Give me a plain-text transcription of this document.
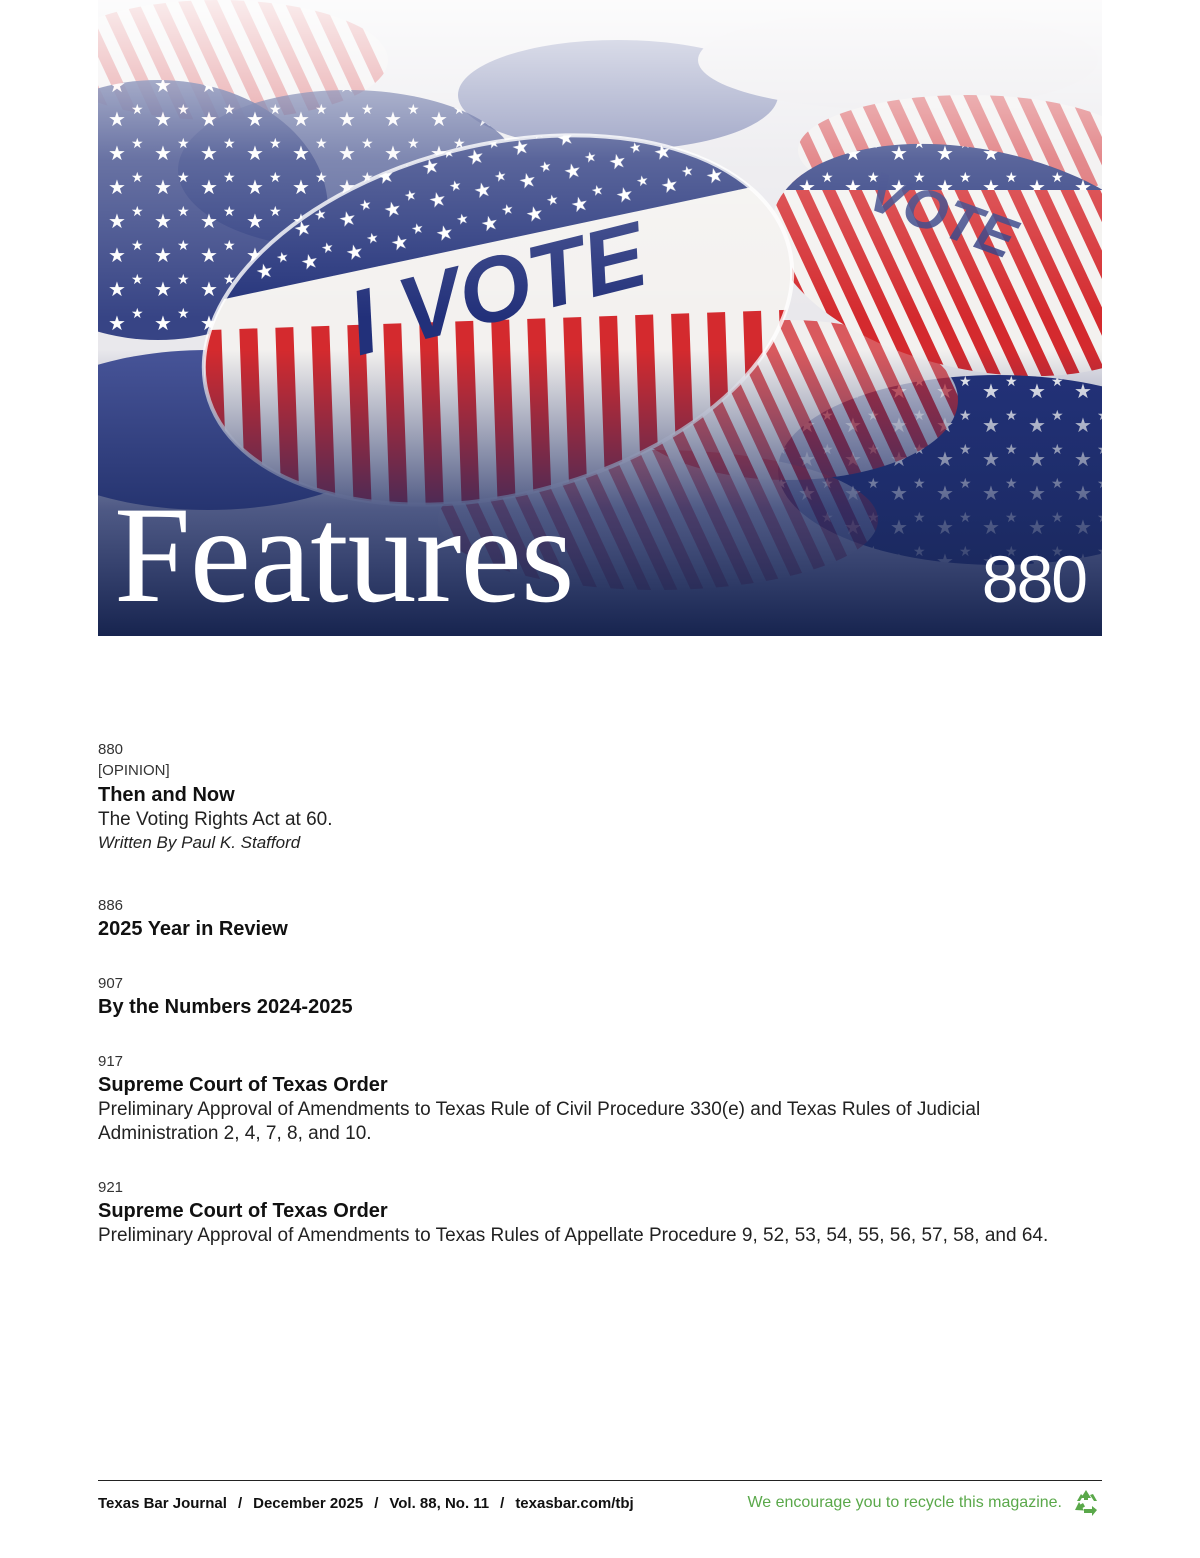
Features	880
880
[OPINION]
Then and Now
The Voting Rights Act at 60.
Written By Paul K. Stafford
886
2025 Year in Review
907
By the Numbers 2024-2025
917
Supreme Court of Texas Order
Preliminary Approval of Amendments to Texas Rule of Civil Procedure 330(e) and Texas Rules of Judicial Administration 2, 4, 7, 8, and 10.
921
Supreme Court of Texas Order
Preliminary Approval of Amendments to Texas Rules of Appellate Procedure 9, 52, 53, 54, 55, 56, 57, 58, and 64.
Texas Bar Journal / December 2025 / Vol. 88, No. 11 / texasbar.com/tbj	We encourage you to recycle this magazine.
